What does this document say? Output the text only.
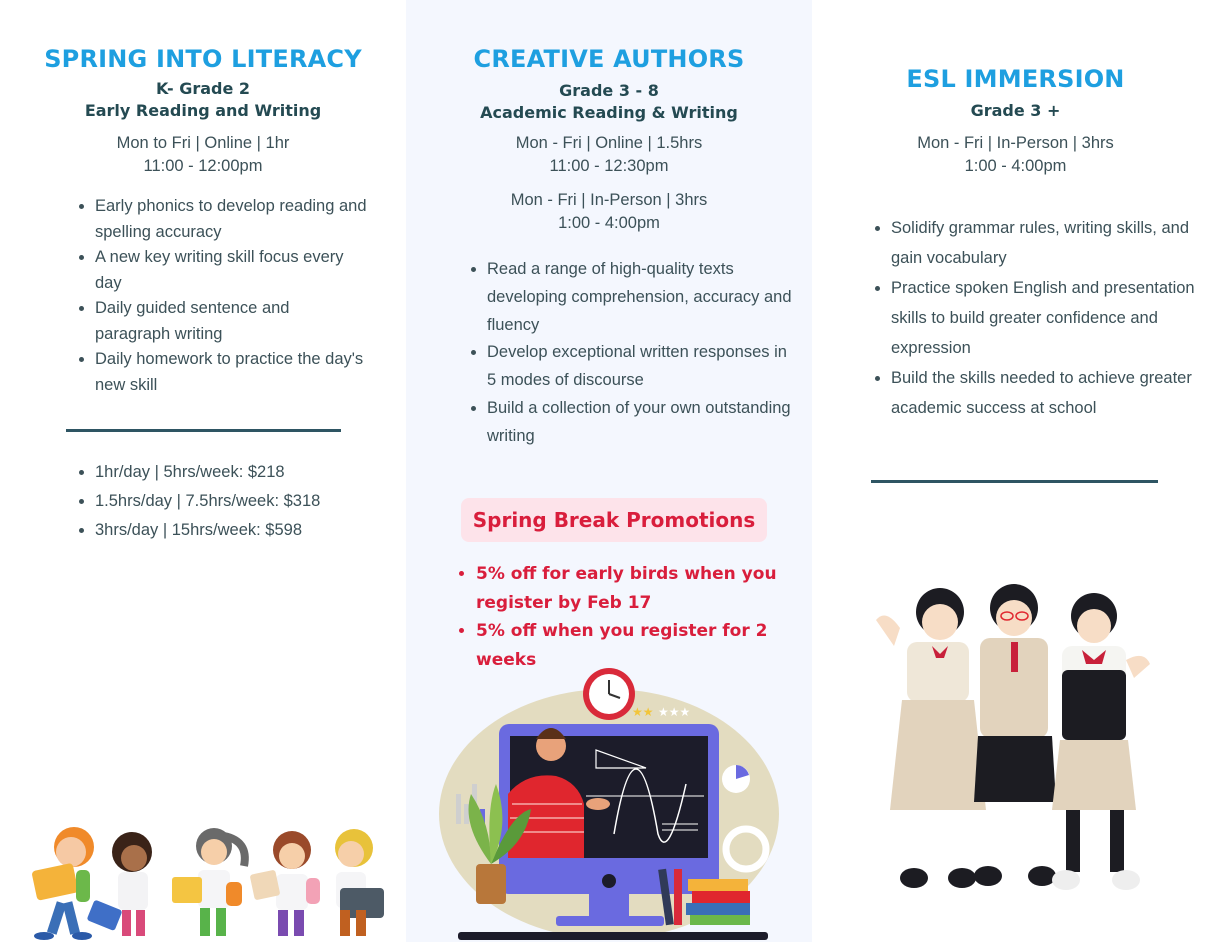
SPRING INTO LITERACY
K- Grade 2
Early Reading and Writing
Mon to Fri | Online | 1hr
11:00 - 12:00pm
• Early phonics to develop reading and spelling accuracy
• A new key writing skill focus every day
• Daily guided sentence and paragraph writing
• Daily homework to practice the day's new skill
• 1hr/day | 5hrs/week: $218
• 1.5hrs/day | 7.5hrs/week: $318
• 3hrs/day | 15hrs/week: $598
CREATIVE AUTHORS
Grade 3 - 8
Academic Reading & Writing
Mon - Fri | Online | 1.5hrs
11:00 - 12:30pm
Mon - Fri | In-Person | 3hrs
1:00 - 4:00pm
• Read a range of high-quality texts developing comprehension, accuracy and fluency
• Develop exceptional written responses in 5 modes of discourse
• Build a collection of your own outstanding writing
Spring Break Promotions
• 5% off for early birds when you register by Feb 17
• 5% off when you register for 2 weeks
★★ ★★★
ESL IMMERSION
Grade 3 +
Mon - Fri | In-Person | 3hrs
1:00 - 4:00pm
• Solidify grammar rules, writing skills, and gain vocabulary
• Practice spoken English and presentation skills to build greater confidence and expression
• Build the skills needed to achieve greater academic success at school
